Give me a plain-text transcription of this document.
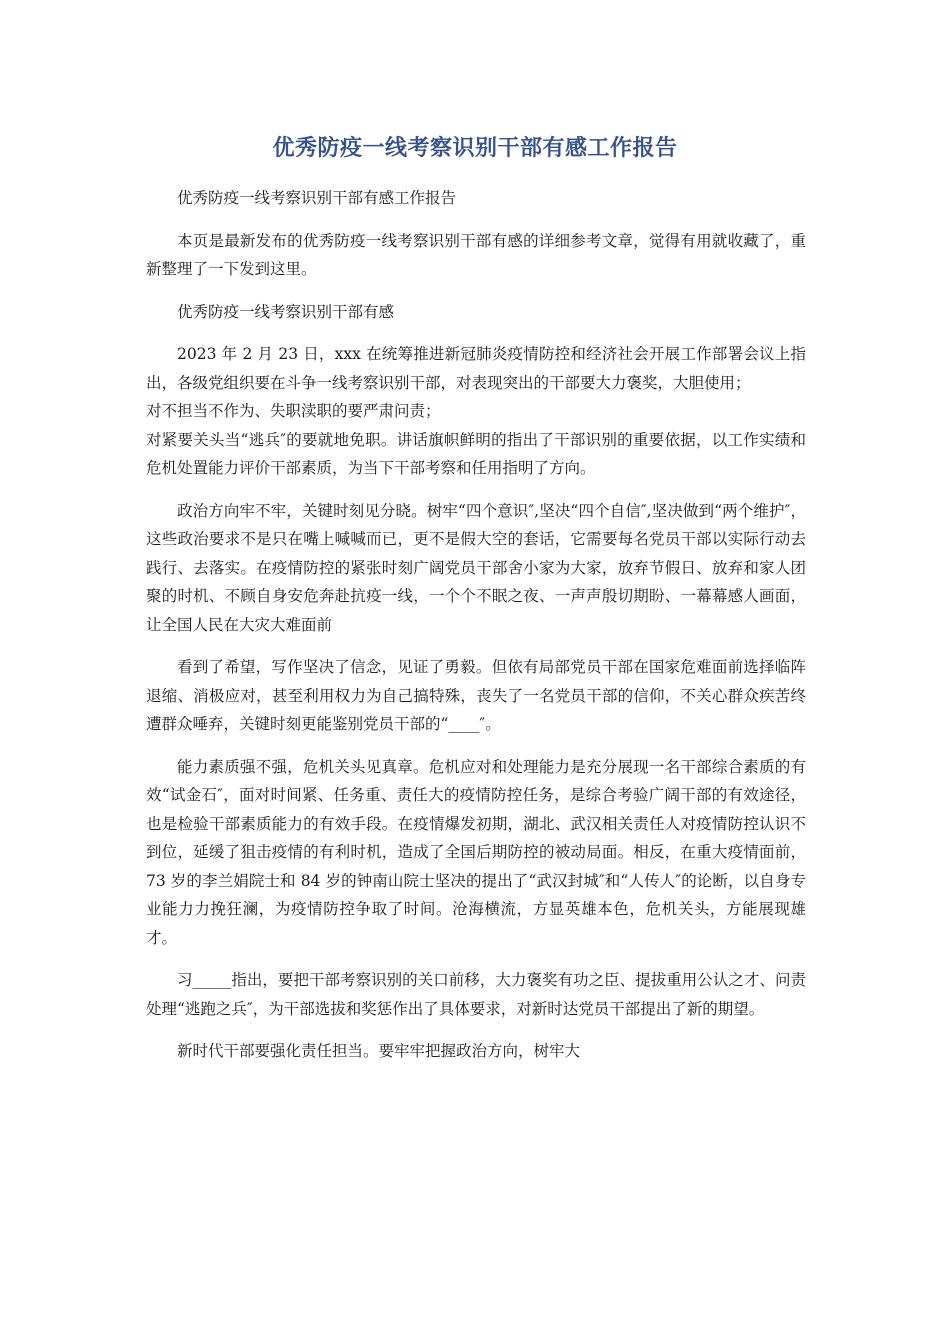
优秀防疫一线考察识别干部有感工作报告

优秀防疫一线考察识别干部有感工作报告

本页是最新发布的优秀防疫一线考察识别干部有感的详细参考文章，觉得有用就收藏了，重新整理了一下发到这里。

优秀防疫一线考察识别干部有感

2023 年 2 月 23 日，xxx 在统筹推进新冠肺炎疫情防控和经济社会开展工作部署会议上指出，各级党组织要在斗争一线考察识别干部，对表现突出的干部要大力褒奖，大胆使用；

对不担当不作为、失职渎职的要严肃问责；

对紧要关头当“逃兵″的要就地免职。讲话旗帜鲜明的指出了干部识别的重要依据，以工作实绩和危机处置能力评价干部素质，为当下干部考察和任用指明了方向。

政治方向牢不牢，关键时刻见分晓。树牢“四个意识″,坚决“四个自信″,坚决做到“两个维护″，这些政治要求不是只在嘴上喊喊而已，更不是假大空的套话，它需要每名党员干部以实际行动去践行、去落实。在疫情防控的紧张时刻广阔党员干部舍小家为大家，放弃节假日、放弃和家人团聚的时机、不顾自身安危奔赴抗疫一线，一个个不眠之夜、一声声殷切期盼、一幕幕感人画面，让全国人民在大灾大难面前

看到了希望，写作坚决了信念，见证了勇毅。但依有局部党员干部在国家危难面前选择临阵退缩、消极应对，甚至利用权力为自己搞特殊，丧失了一名党员干部的信仰，不关心群众疾苦终遭群众唾弃，关键时刻更能鉴别党员干部的“____″。

能力素质强不强，危机关头见真章。危机应对和处理能力是充分展现一名干部综合素质的有效“试金石″，面对时间紧、任务重、责任大的疫情防控任务，是综合考验广阔干部的有效途径，也是检验干部素质能力的有效手段。在疫情爆发初期，湖北、武汉相关责任人对疫情防控认识不到位，延缓了狙击疫情的有利时机，造成了全国后期防控的被动局面。相反，在重大疫情面前，73 岁的李兰娟院士和 84 岁的钟南山院士坚决的提出了“武汉封城″和“人传人″的论断，以自身专业能力力挽狂澜，为疫情防控争取了时间。沧海横流，方显英雄本色，危机关头，方能展现雄才。

习_____指出，要把干部考察识别的关口前移，大力褒奖有功之臣、提拔重用公认之才、问责处理“逃跑之兵″，为干部选拔和奖惩作出了具体要求，对新时达党员干部提出了新的期望。

新时代干部要强化责任担当。要牢牢把握政治方向，树牢大
